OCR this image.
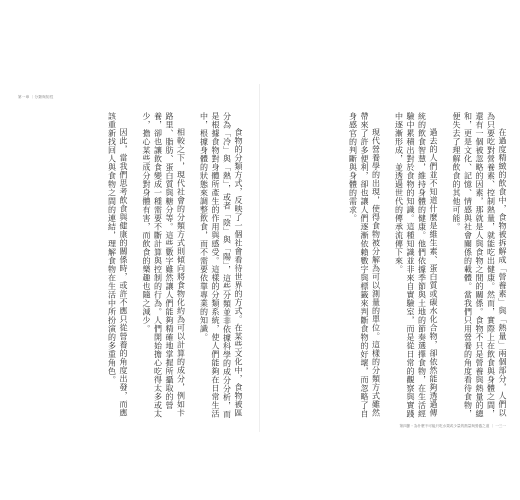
第一章 ｜分類與知性

食物的分類方式，反映了一個社會看待世界的方式。在某些文化中，食物被區分為「冷」與「熱」，或者「陰」與「陽」，這些分類並非依據科學的成分分析，而是根據食物對身體所產生的作用與感受。這樣的分類系統，使人們能夠在日常生活中，根據身體的狀態來調整飲食，而不需要依靠專業的知識。

相較之下，現代社會的分類方式則傾向將食物化約為可以計算的成分，例如卡路里、脂肪、蛋白質與糖分等。這些數字雖然讓人們能夠精確地掌握所攝取的營養，卻也讓飲食變成一種需要不斷計算與控制的行為。人們開始擔心吃得太多或太少，擔心某些成分對身體有害，而飲食的樂趣也隨之減少。

因此，當我們思考飲食與健康的關係時，或許不應只從營養的角度出發，而應該重新找回人與食物之間的連結，理解食物在生活中所扮演的多重角色。	在過度精緻的飲食中，食物被拆解成「營養素」與「熱量」兩個部分，人們以為只要吃對營養素、控制熱量，就能吃出健康。然而，實際上在飲食與身體之間，還有一個被忽略的因素，那就是人與食物之間的關係。食物不只是營養與熱量的總和，更是文化、記憶、情感與社會關係的載體。當我們只用營養的角度看待食物，便失去了理解飲食的其他可能。

過去的人們並不知道什麼是維生素、蛋白質或碳水化合物，卻依然能夠透過傳統的飲食智慧，維持身體的健康。他們依據季節與土地的節奏選擇食物，在生活經驗中累積出對於食物的知識。這種知識並非來自實驗室，而是從日常的觀察與實踐中逐漸形成，並透過世代的傳承流傳下來。

現代營養學的出現，使得食物被分解為可以測量的單位。這樣的分類方式雖然帶來了許多便利，卻也讓人們逐漸依賴數字與標籤來判斷食物的好壞，而忽略了自身感官的判斷與身體的需求。

第四節・為什麼不可能只吃水果或少量的熱量與營養之道 ｜ 一三一
